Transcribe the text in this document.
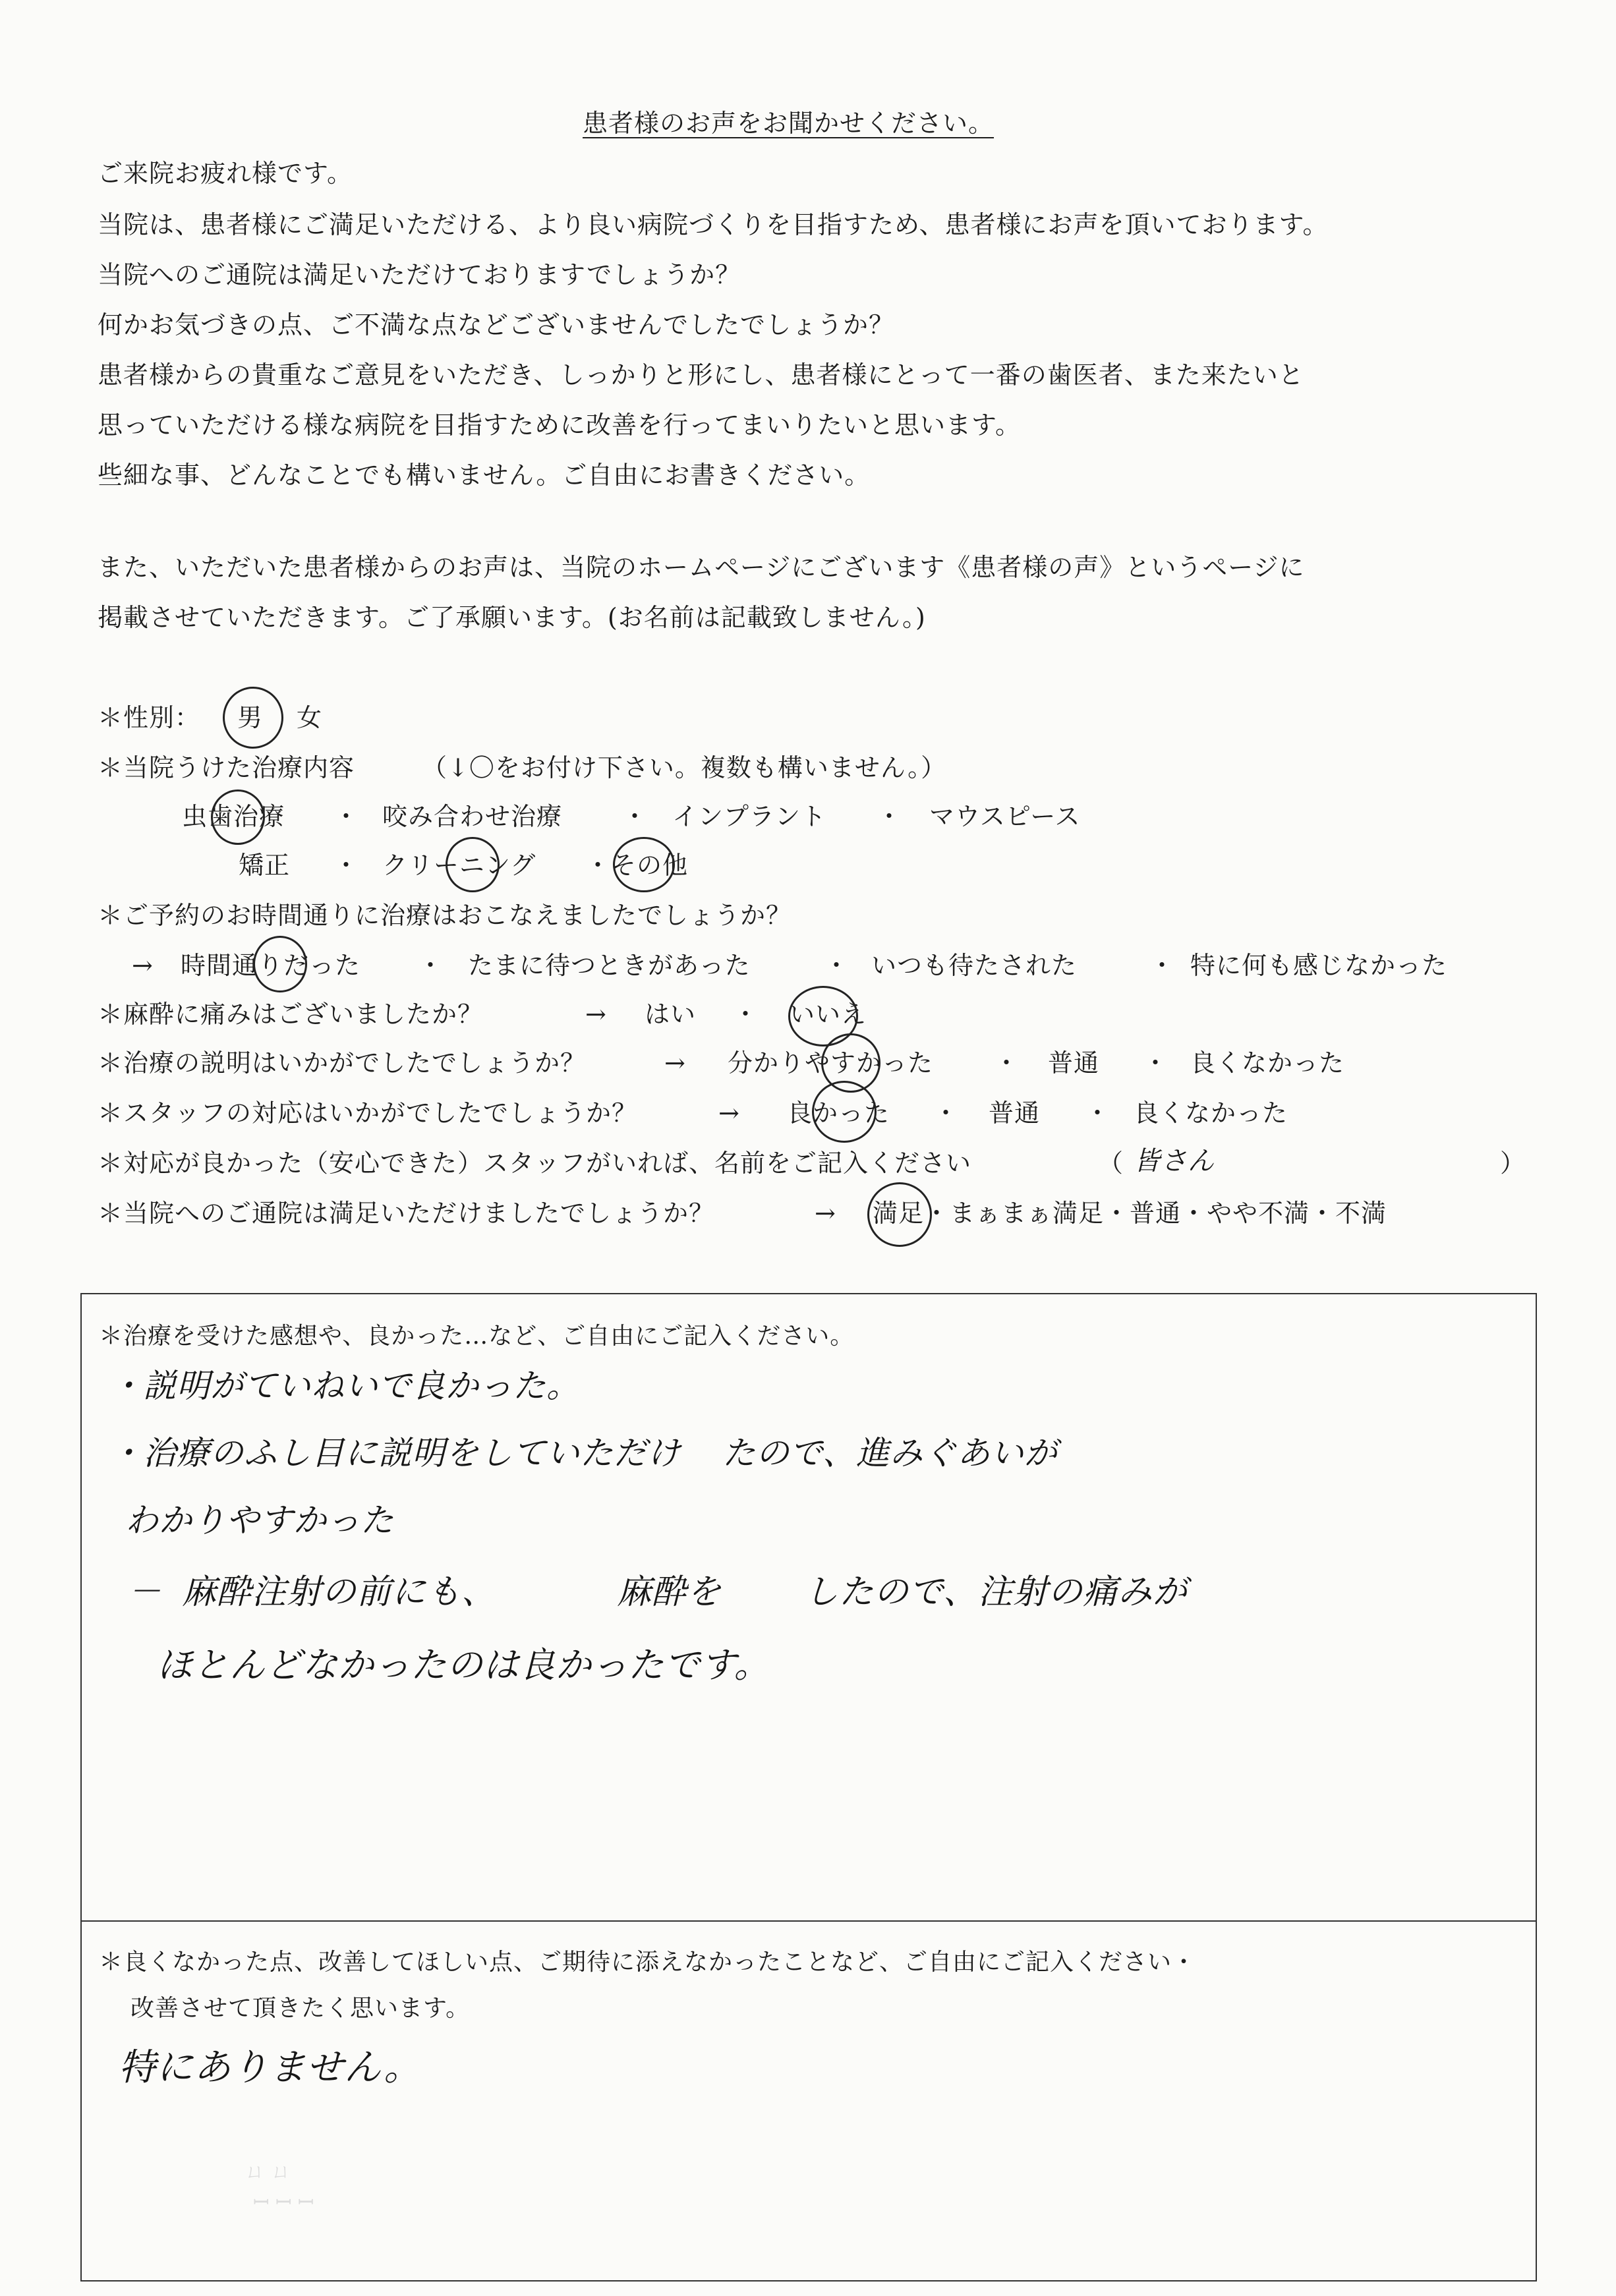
患者様のお声をお聞かせください。
ご来院お疲れ様です。
当院は、患者様にご満足いただける、より良い病院づくりを目指すため、患者様にお声を頂いております。
当院へのご通院は満足いただけておりますでしょうか？
何かお気づきの点、ご不満な点などございませんでしたでしょうか？
患者様からの貴重なご意見をいただき、しっかりと形にし、患者様にとって一番の歯医者、また来たいと
思っていただける様な病院を目指すために改善を行ってまいりたいと思います。
些細な事、どんなことでも構いません。ご自由にお書きください。
また、いただいた患者様からのお声は、当院のホームページにございます《患者様の声》というページに
掲載させていただきます。ご了承願います。(お名前は記載致しません。)
＊性別： 男 女
＊当院うけた治療内容	（↓〇をお付け下さい。複数も構いません。）
虫歯治療 ・ 咬み合わせ治療 ・ インプラント ・ マウスピース
矯正 ・ クリーニング ・その他
＊ご予約のお時間通りに治療はおこなえましたでしょうか？
→ 時間通りだった ・ たまに待つときがあった	・ いつも待たされた	・ 特に何も感じなかった
＊麻酔に痛みはございましたか？	→ はい ・ いいえ
＊治療の説明はいかがでしたでしょうか？	→ 分かりやすかった ・ 普通 ・ 良くなかった
＊スタッフの対応はいかがでしたでしょうか？	→ 良かった ・ 普通 ・ 良くなかった
＊対応が良かった（安心できた）スタッフがいれば、名前をご記入ください	（ 皆さん	）
＊当院へのご通院は満足いただけましたでしょうか？	→ 満足・まぁまぁ満足・普通・やや不満・不満
＊治療を受けた感想や、良かった…など、ご自由にご記入ください。
・説明がていねいで良かった。
・治療のふし目に説明をしていただけ たので、進みぐあいが
わかりやすかった
－ 麻酔注射の前にも、	麻酔を したので、注射の痛みが
ほとんどなかったのは良かったです。
＊良くなかった点、改善してほしい点、ご期待に添えなかったことなど、ご自由にご記入ください・
改善させて頂きたく思います。
特にありません。
ㄩ ㄩ
ꟷ ꟷ ꟷ
